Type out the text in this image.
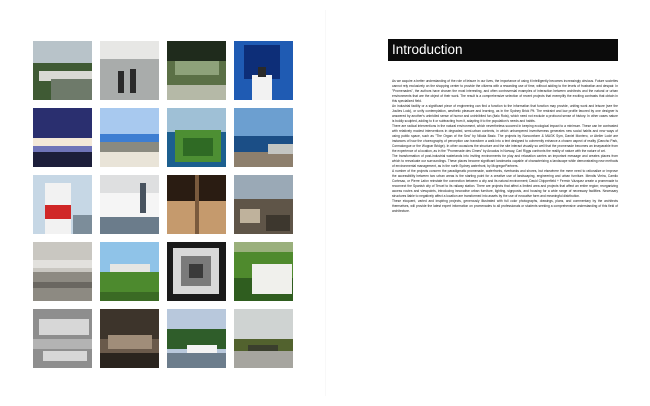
Introduction

As we acquire a better understanding of the role of leisure in our lives, the importance of using it intelligently becomes increasingly obvious. Future societies cannot rely exclusively on the shopping center to provide the citizens with a rewarding use of time, without adding to the levels of frustration and despair. In "Promenades", the authors have chosen the most interesting, and often controversial examples of interaction between architects and the natural or urban environments that are the object of their work. The result is a comprehensive selection of recent projects that exemplify the exciting contrasts that obtain in this specialized field.

An industrial facility or a significant piece of engineering can find a function to the information that function may provide, uniting work and leisure (see the Joulies Lock), or unify contemplation, aesthetic pleasure and learning, as in the Sydney Brick Pit. The restraint and low profile favored by one designer is answered by another's unbridled sense of humor and uninhibited fun (Italo Rota), which need not exclude a profound sense of history. In other cases nature is boldly sculpted, adding to it or subtracting from it, adapting it to the population's needs and habits.

There are radical interventions in the natural environment, which nevertheless succeed in keeping ecological impact to a minimum. These can be contrasted with relatively modest interventions in degraded, semi-urban contexts, in which unhampered inventiveness generates new social habits and new ways of using public space, such as "The Organ of the Sea" by Nikola Basic. The projects by Nonconform & MAGK Sym, Daniel Montero, or Atelier Lodé are instances of how the choreography of perception can transform a walk into a text designed to coherently enhance a chosen aspect of reality (Dancho Park, Cormalongue or the Wuppar Bridge). In other occasions the structure and the site interact visually so well that the promenade becomes an inseparable from the experience of a location, as in the "Promenade des Cimes" by Arcadus in Norway, Carl Riggs confronts the reality of nature with the nature of art.

The transformation of post-industrial waterlands into inviting environments for play and relaxation carries an important message and creates places from which to reevaluate our surroundings. These places become significant landmarks capable of characterizing a landscape while demonstrating new methods of environmental management, as in the north Sydney waterfront, by McgregorPartners.

A number of the projects concern the paradigmatic promenade, waterfronts, riverbanks and shores, but elsewhere the mere need to rationalize or improve the accessibility between two urban areas is the starting point for a creative use of landscaping, engineering and urban furniture. Mendis Vieira, Camilo Cortesao, or Pierre Lafon reinstate the connection between a city and its natural environment; David Chipperfield + Fermín Vázquez create a promenade to reconnect the Spanish city of Teruel to its railway station. There are projects that affect a limited area and projects that affect an entire region; reorganizing access routes and viewpoints, introducing innovative urban furniture, lighting, signposts, and housing for a wide range of necessary facilities. Necessary structures liable to negatively affect a location are transformed into assets by the use of evocative form and meaningful distribution.

These eloquent, varied and inspiring projects, generously illustrated with full color photographs, drawings, plans, and commentary by the architects themselves, will provide the latest expert information on promenades to all professionals or students seeking a comprehensive understanding of this field of architecture.
